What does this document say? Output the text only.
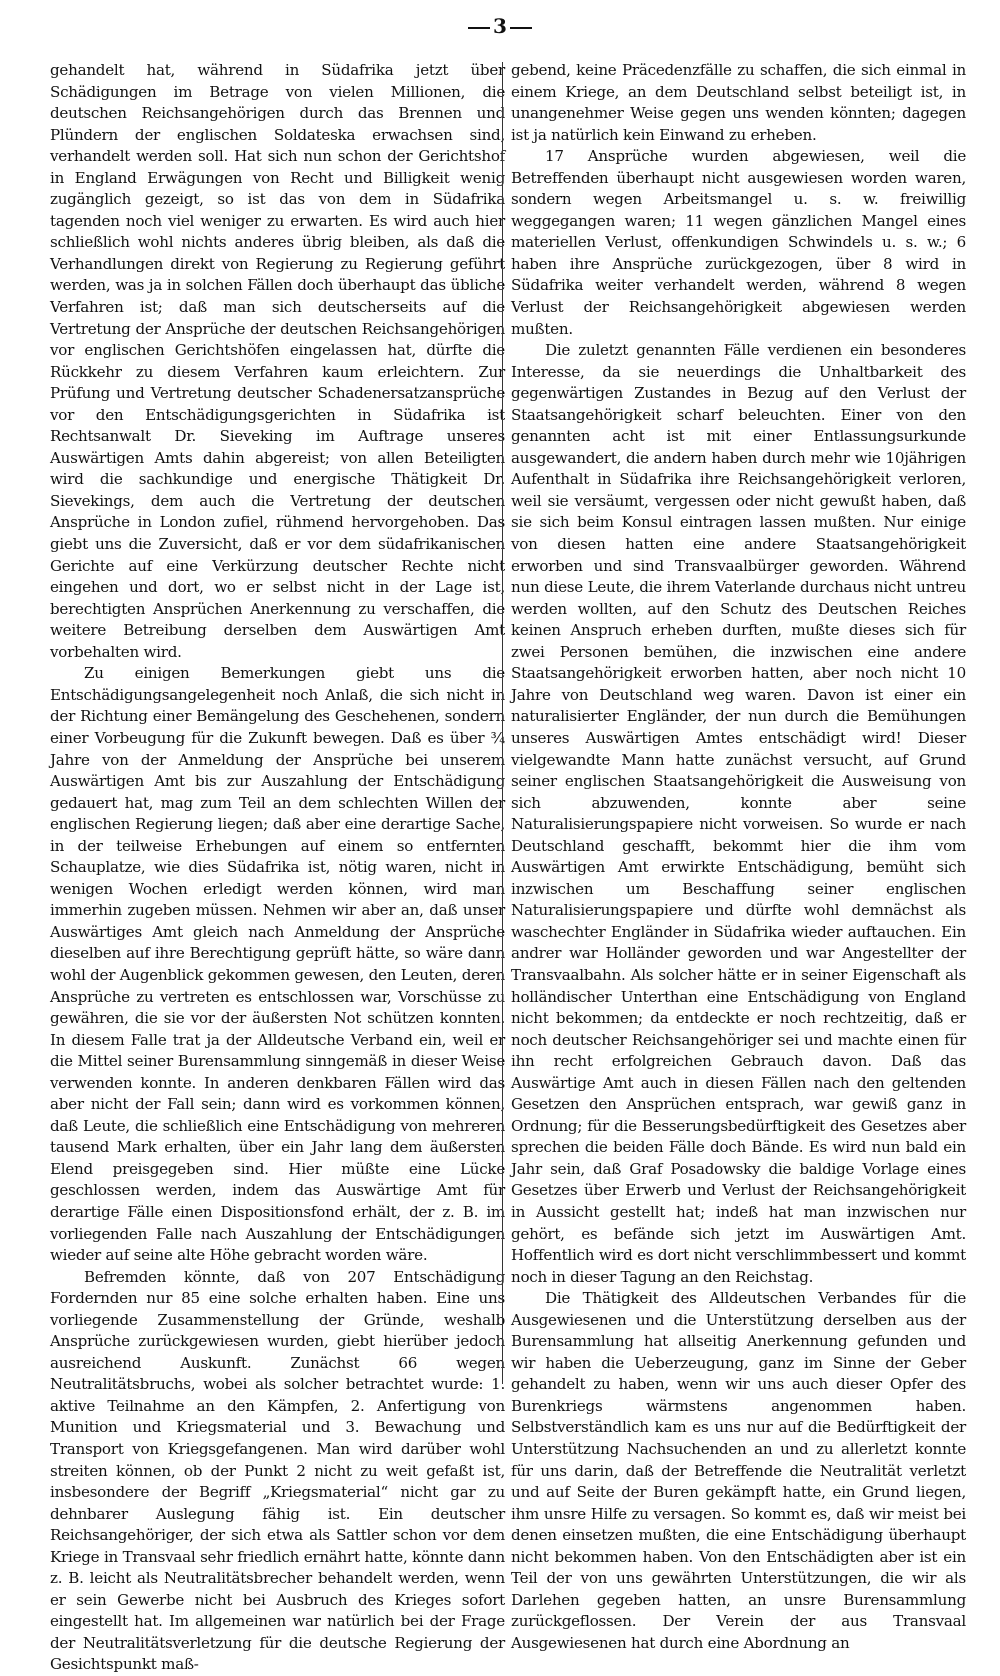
3

gehandelt hat, während in Südafrika jetzt über Schädigungen im Betrage von vielen Millionen, die deutschen Reichsangehörigen durch das Brennen und Plündern der englischen Soldateska erwachsen sind, verhandelt werden soll. Hat sich nun schon der Gerichtshof in England Erwägungen von Recht und Billigkeit wenig zugänglich gezeigt, so ist das von dem in Südafrika tagenden noch viel weniger zu erwarten. Es wird auch hier schließlich wohl nichts anderes übrig bleiben, als daß die Verhandlungen direkt von Regierung zu Regierung geführt werden, was ja in solchen Fällen doch überhaupt das übliche Verfahren ist; daß man sich deutscherseits auf die Vertretung der Ansprüche der deutschen Reichsangehörigen vor englischen Gerichtshöfen eingelassen hat, dürfte die Rückkehr zu diesem Verfahren kaum erleichtern. Zur Prüfung und Vertretung deutscher Schadenersatzansprüche vor den Entschädigungsgerichten in Südafrika ist Rechtsanwalt Dr. Sieveking im Auftrage unseres Auswärtigen Amts dahin abgereist; von allen Beteiligten wird die sachkundige und energische Thätigkeit Dr. Sievekings, dem auch die Vertretung der deutschen Ansprüche in London zufiel, rühmend hervorgehoben. Das giebt uns die Zuversicht, daß er vor dem südafrikanischen Gerichte auf eine Verkürzung deutscher Rechte nicht eingehen und dort, wo er selbst nicht in der Lage ist, berechtigten Ansprüchen Anerkennung zu verschaffen, die weitere Betreibung derselben dem Auswärtigen Amt vorbehalten wird.

Zu einigen Bemerkungen giebt uns die Entschädigungsangelegenheit noch Anlaß, die sich nicht in der Richtung einer Bemängelung des Geschehenen, sondern einer Vorbeugung für die Zukunft bewegen. Daß es über ¾ Jahre von der Anmeldung der Ansprüche bei unserem Auswärtigen Amt bis zur Auszahlung der Entschädigung gedauert hat, mag zum Teil an dem schlechten Willen der englischen Regierung liegen; daß aber eine derartige Sache, in der teilweise Erhebungen auf einem so entfernten Schauplatze, wie dies Südafrika ist, nötig waren, nicht in wenigen Wochen erledigt werden können, wird man immerhin zugeben müssen. Nehmen wir aber an, daß unser Auswärtiges Amt gleich nach Anmeldung der Ansprüche dieselben auf ihre Berechtigung geprüft hätte, so wäre dann wohl der Augenblick gekommen gewesen, den Leuten, deren Ansprüche zu vertreten es entschlossen war, Vorschüsse zu gewähren, die sie vor der äußersten Not schützen konnten. In diesem Falle trat ja der Alldeutsche Verband ein, weil er die Mittel seiner Burensammlung sinngemäß in dieser Weise verwenden konnte. In anderen denkbaren Fällen wird das aber nicht der Fall sein; dann wird es vorkommen können, daß Leute, die schließlich eine Entschädigung von mehreren tausend Mark erhalten, über ein Jahr lang dem äußersten Elend preisgegeben sind. Hier müßte eine Lücke geschlossen werden, indem das Auswärtige Amt für derartige Fälle einen Dispositionsfond erhält, der z. B. im vorliegenden Falle nach Auszahlung der Entschädigungen wieder auf seine alte Höhe gebracht worden wäre.

Befremden könnte, daß von 207 Entschädigung Fordernden nur 85 eine solche erhalten haben. Eine uns vorliegende Zusammenstellung der Gründe, weshalb Ansprüche zurückgewiesen wurden, giebt hierüber jedoch ausreichend Auskunft. Zunächst 66 wegen Neutralitätsbruchs, wobei als solcher betrachtet wurde: 1. aktive Teilnahme an den Kämpfen, 2. Anfertigung von Munition und Kriegsmaterial und 3. Bewachung und Transport von Kriegsgefangenen. Man wird darüber wohl streiten können, ob der Punkt 2 nicht zu weit gefaßt ist, insbesondere der Begriff „Kriegsmaterial“ nicht gar zu dehnbarer Auslegung fähig ist. Ein deutscher Reichsangehöriger, der sich etwa als Sattler schon vor dem Kriege in Transvaal sehr friedlich ernährt hatte, könnte dann z. B. leicht als Neutralitätsbrecher behandelt werden, wenn er sein Gewerbe nicht bei Ausbruch des Krieges sofort eingestellt hat. Im allgemeinen war natürlich bei der Frage der Neutralitätsverletzung für die deutsche Regierung der Gesichtspunkt maß-

gebend, keine Präcedenzfälle zu schaffen, die sich einmal in einem Kriege, an dem Deutschland selbst beteiligt ist, in unangenehmer Weise gegen uns wenden könnten; dagegen ist ja natürlich kein Einwand zu erheben.

17 Ansprüche wurden abgewiesen, weil die Betreffenden überhaupt nicht ausgewiesen worden waren, sondern wegen Arbeitsmangel u. s. w. freiwillig weggegangen waren; 11 wegen gänzlichen Mangel eines materiellen Verlust, offenkundigen Schwindels u. s. w.; 6 haben ihre Ansprüche zurückgezogen, über 8 wird in Südafrika weiter verhandelt werden, während 8 wegen Verlust der Reichsangehörigkeit abgewiesen werden mußten.

Die zuletzt genannten Fälle verdienen ein besonderes Interesse, da sie neuerdings die Unhaltbarkeit des gegenwärtigen Zustandes in Bezug auf den Verlust der Staatsangehörigkeit scharf beleuchten. Einer von den genannten acht ist mit einer Entlassungsurkunde ausgewandert, die andern haben durch mehr wie 10jährigen Aufenthalt in Südafrika ihre Reichsangehörigkeit verloren, weil sie versäumt, vergessen oder nicht gewußt haben, daß sie sich beim Konsul eintragen lassen mußten. Nur einige von diesen hatten eine andere Staatsangehörigkeit erworben und sind Transvaalbürger geworden. Während nun diese Leute, die ihrem Vaterlande durchaus nicht untreu werden wollten, auf den Schutz des Deutschen Reiches keinen Anspruch erheben durften, mußte dieses sich für zwei Personen bemühen, die inzwischen eine andere Staatsangehörigkeit erworben hatten, aber noch nicht 10 Jahre von Deutschland weg waren. Davon ist einer ein naturalisierter Engländer, der nun durch die Bemühungen unseres Auswärtigen Amtes entschädigt wird! Dieser vielgewandte Mann hatte zunächst versucht, auf Grund seiner englischen Staatsangehörigkeit die Ausweisung von sich abzuwenden, konnte aber seine Naturalisierungspapiere nicht vorweisen. So wurde er nach Deutschland geschafft, bekommt hier die ihm vom Auswärtigen Amt erwirkte Entschädigung, bemüht sich inzwischen um Beschaffung seiner englischen Naturalisierungspapiere und dürfte wohl demnächst als waschechter Engländer in Südafrika wieder auftauchen. Ein andrer war Holländer geworden und war Angestellter der Transvaalbahn. Als solcher hätte er in seiner Eigenschaft als holländischer Unterthan eine Entschädigung von England nicht bekommen; da entdeckte er noch rechtzeitig, daß er noch deutscher Reichsangehöriger sei und machte einen für ihn recht erfolgreichen Gebrauch davon. Daß das Auswärtige Amt auch in diesen Fällen nach den geltenden Gesetzen den Ansprüchen entsprach, war gewiß ganz in Ordnung; für die Besserungsbedürftigkeit des Gesetzes aber sprechen die beiden Fälle doch Bände. Es wird nun bald ein Jahr sein, daß Graf Posadowsky die baldige Vorlage eines Gesetzes über Erwerb und Verlust der Reichsangehörigkeit in Aussicht gestellt hat; indeß hat man inzwischen nur gehört, es befände sich jetzt im Auswärtigen Amt. Hoffentlich wird es dort nicht verschlimmbessert und kommt noch in dieser Tagung an den Reichstag.

Die Thätigkeit des Alldeutschen Verbandes für die Ausgewiesenen und die Unterstützung derselben aus der Burensammlung hat allseitig Anerkennung gefunden und wir haben die Ueberzeugung, ganz im Sinne der Geber gehandelt zu haben, wenn wir uns auch dieser Opfer des Burenkriegs wärmstens angenommen haben. Selbstverständlich kam es uns nur auf die Bedürftigkeit der Unterstützung Nachsuchenden an und zu allerletzt konnte für uns darin, daß der Betreffende die Neutralität verletzt und auf Seite der Buren gekämpft hatte, ein Grund liegen, ihm unsre Hilfe zu versagen. So kommt es, daß wir meist bei denen einsetzen mußten, die eine Entschädigung überhaupt nicht bekommen haben. Von den Entschädigten aber ist ein Teil der von uns gewährten Unterstützungen, die wir als Darlehen gegeben hatten, an unsre Burensammlung zurückgeflossen. Der Verein der aus Transvaal Ausgewiesenen hat durch eine Abordnung an
